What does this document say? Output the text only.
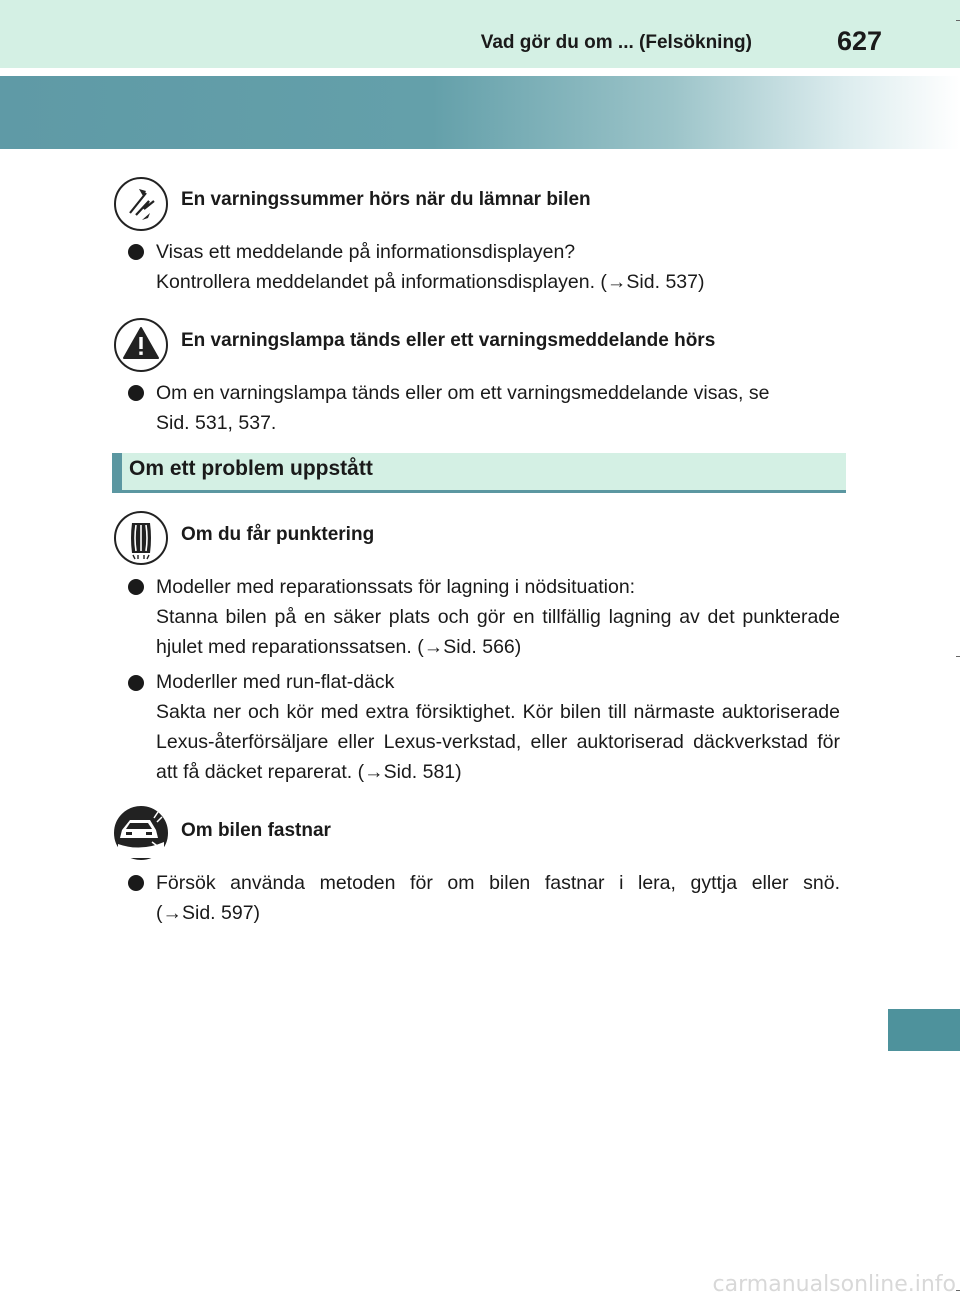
Vad gör du om ... (Felsökning)	627
En varningssummer hörs när du lämnar bilen
Visas ett meddelande på informationsdisplayen?
Kontrollera meddelandet på informationsdisplayen. (→Sid. 537)
En varningslampa tänds eller ett varningsmeddelande hörs
Om en varningslampa tänds eller om ett varningsmeddelande visas, se
Sid. 531, 537.
Om ett problem uppstått
Om du får punktering
Modeller med reparationssats för lagning i nödsituation:
Stanna bilen på en säker plats och gör en tillfällig lagning av det punkterade
hjulet med reparationssatsen. (→Sid. 566)
Moderller med run-flat-däck
Sakta ner och kör med extra försiktighet. Kör bilen till närmaste auktoriserade
Lexus-återförsäljare eller Lexus-verkstad, eller auktoriserad däckverkstad för
att få däcket reparerat. (→Sid. 581)
Om bilen fastnar
Försök använda metoden för om bilen fastnar i lera, gyttja eller snö.
(→Sid. 597)
carmanualsonline.info
